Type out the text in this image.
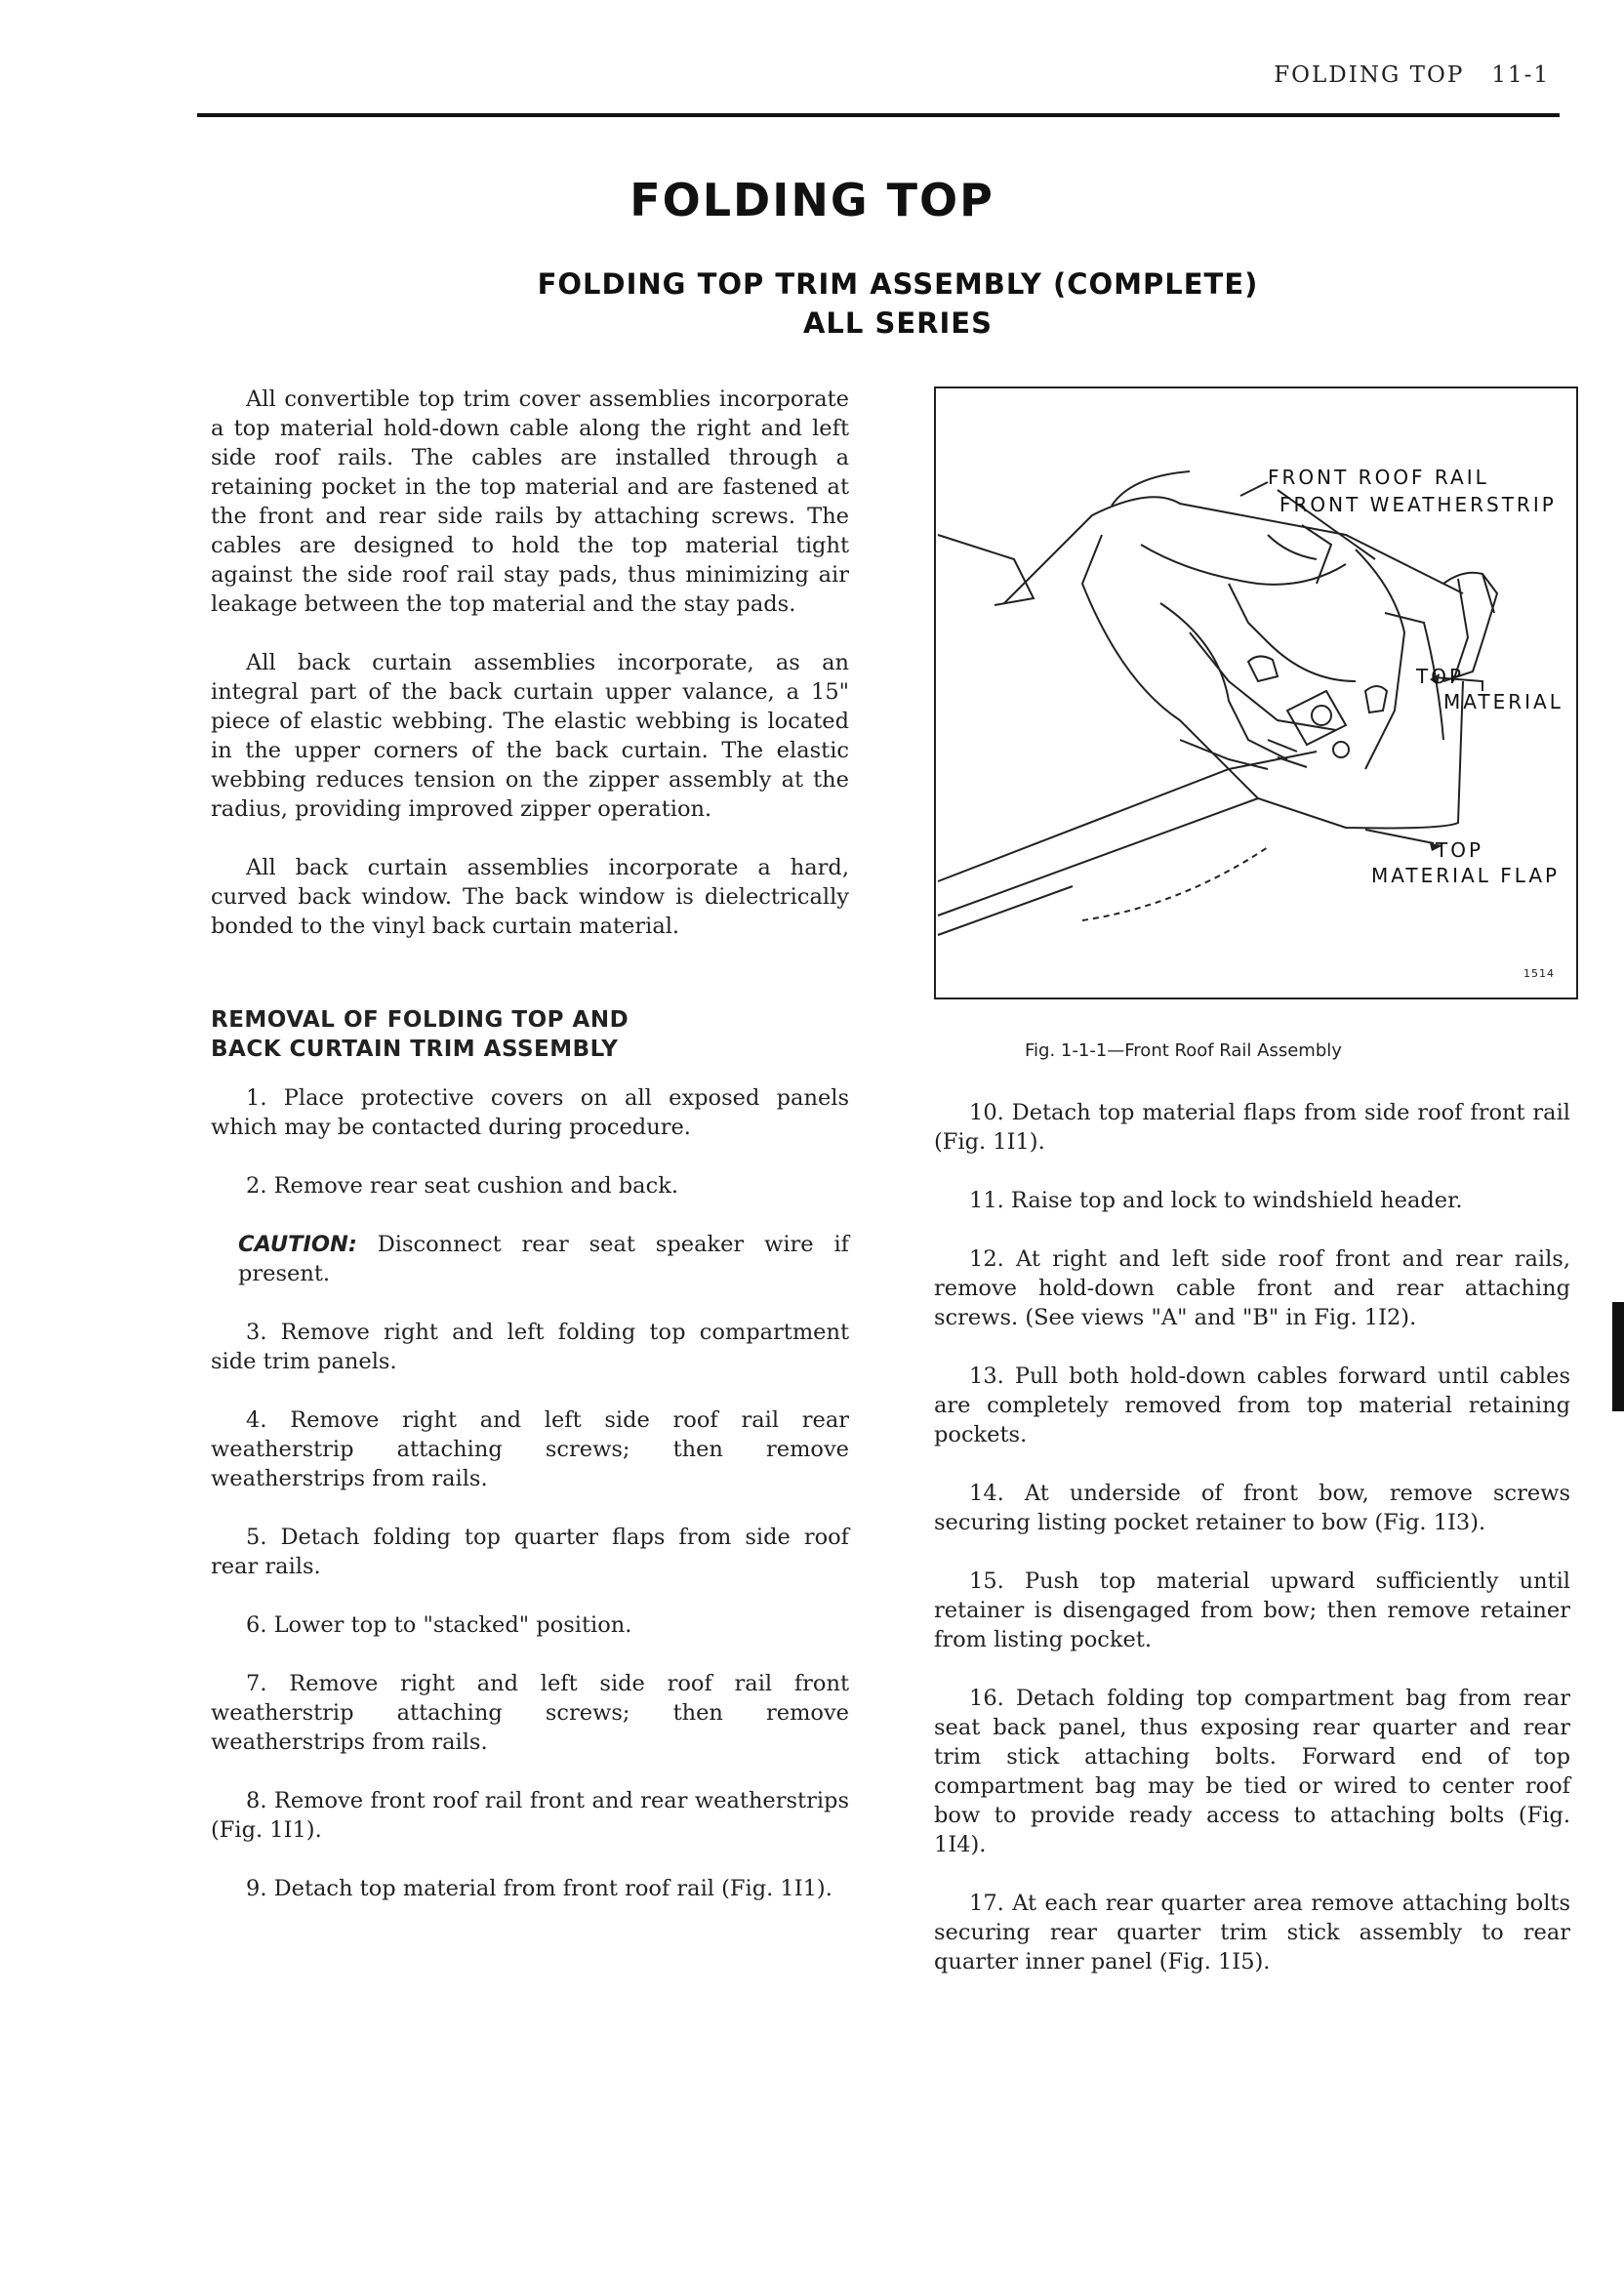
FOLDING TOP 11-1
FOLDING TOP
FOLDING TOP TRIM ASSEMBLY (COMPLETE)
ALL SERIES

All convertible top trim cover assemblies incorporate a top material hold-down cable along the right and left side roof rails. The cables are installed through a retaining pocket in the top material and are fastened at the front and rear side rails by attaching screws. The cables are designed to hold the top material tight against the side roof rail stay pads, thus minimizing air leakage between the top material and the stay pads.

All back curtain assemblies incorporate, as an integral part of the back curtain upper valance, a 15" piece of elastic webbing. The elastic webbing is located in the upper corners of the back curtain. The elastic webbing reduces tension on the zipper assembly at the radius, providing improved zipper operation.

All back curtain assemblies incorporate a hard, curved back window. The back window is dielectrically bonded to the vinyl back curtain material.

REMOVAL OF FOLDING TOP AND
BACK CURTAIN TRIM ASSEMBLY

1. Place protective covers on all exposed panels which may be contacted during procedure.

2. Remove rear seat cushion and back.

CAUTION: Disconnect rear seat speaker wire if present.

3. Remove right and left folding top compartment side trim panels.

4. Remove right and left side roof rail rear weatherstrip attaching screws; then remove weatherstrips from rails.

5. Detach folding top quarter flaps from side roof rear rails.

6. Lower top to "stacked" position.

7. Remove right and left side roof rail front weatherstrip attaching screws; then remove weatherstrips from rails.

8. Remove front roof rail front and rear weatherstrips (Fig. 1I1).

9. Detach top material from front roof rail (Fig. 1I1).

FRONT ROOF RAIL
FRONT WEATHERSTRIP
TOP
MATERIAL
TOP
MATERIAL FLAP
1514
Fig. 1-1-1—Front Roof Rail Assembly

10. Detach top material flaps from side roof front rail (Fig. 1I1).

11. Raise top and lock to windshield header.

12. At right and left side roof front and rear rails, remove hold-down cable front and rear attaching screws. (See views "A" and "B" in Fig. 1I2).

13. Pull both hold-down cables forward until cables are completely removed from top material retaining pockets.

14. At underside of front bow, remove screws securing listing pocket retainer to bow (Fig. 1I3).

15. Push top material upward sufficiently until retainer is disengaged from bow; then remove retainer from listing pocket.

16. Detach folding top compartment bag from rear seat back panel, thus exposing rear quarter and rear trim stick attaching bolts. Forward end of top compartment bag may be tied or wired to center roof bow to provide ready access to attaching bolts (Fig. 1I4).

17. At each rear quarter area remove attaching bolts securing rear quarter trim stick assembly to rear quarter inner panel (Fig. 1I5).
